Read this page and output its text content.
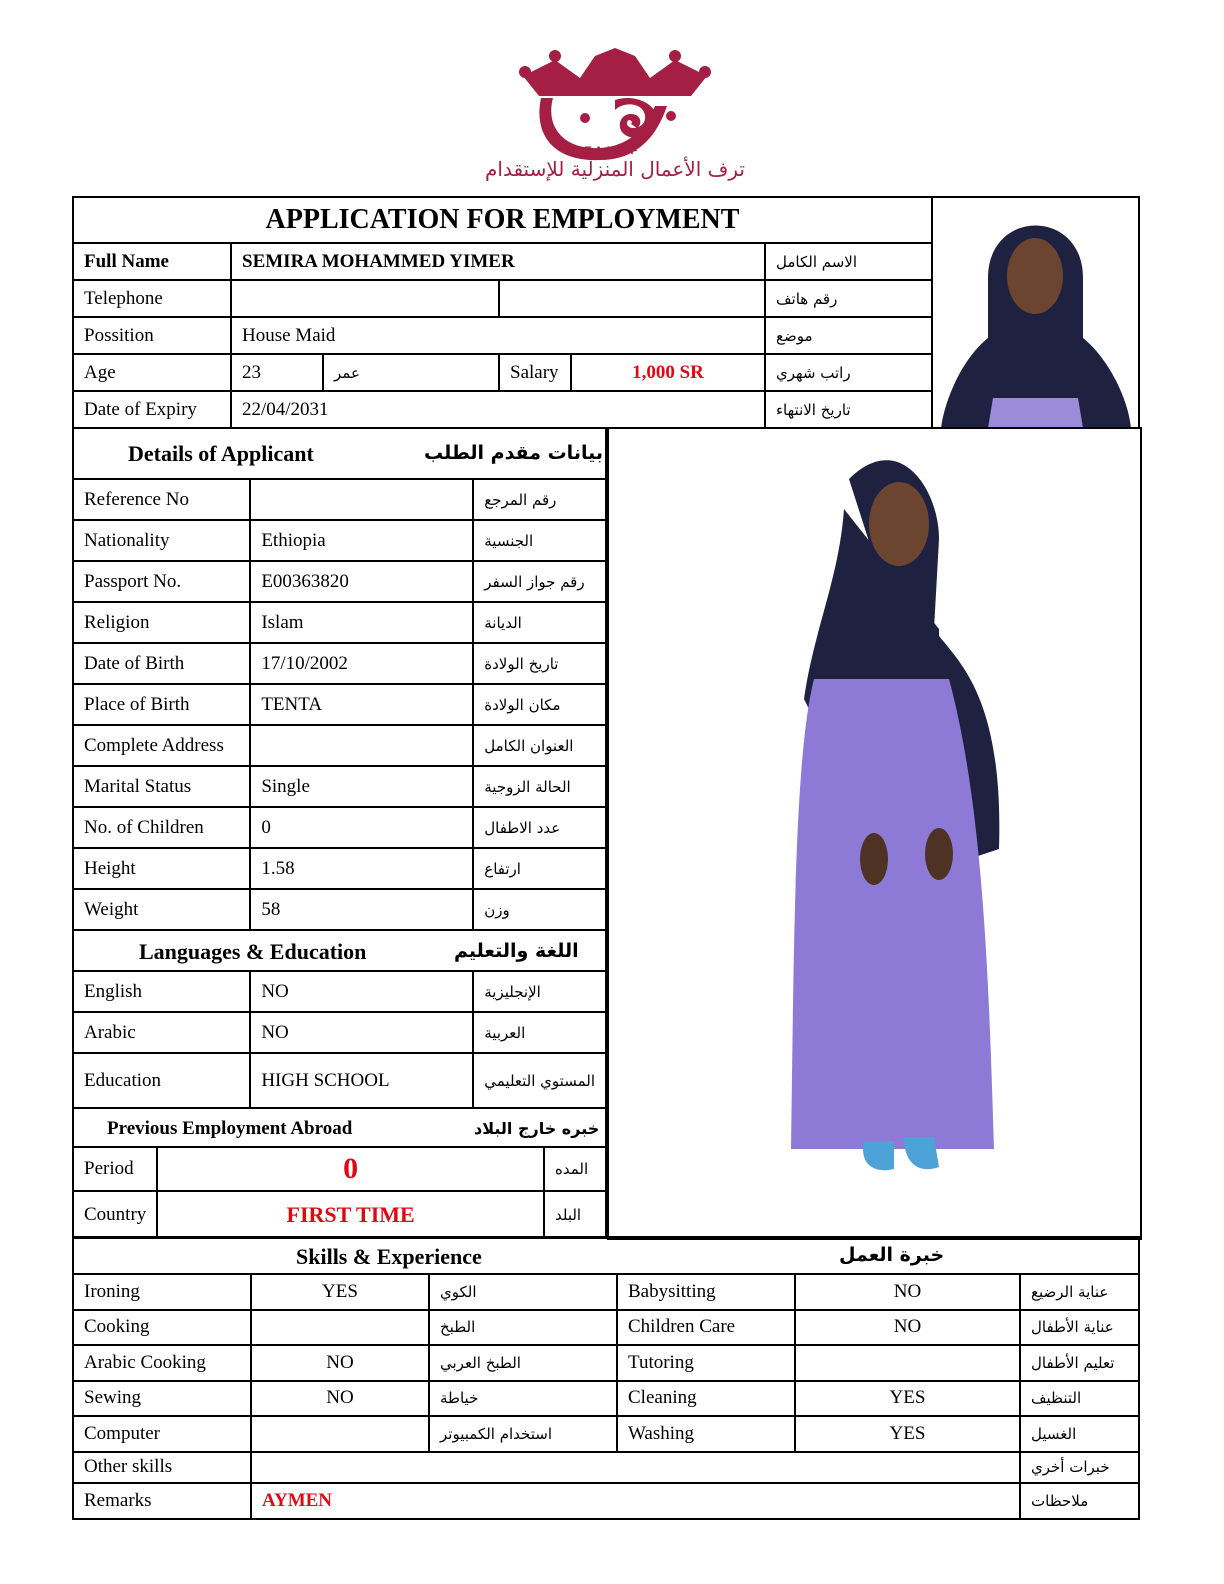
TARAF
ترف الأعمال المنزلية للإستقدام
APPLICATION FOR EMPLOYMENT					
Full Name	SEMIRA MOHAMMED YIMER				الاسم الكامل
Telephone					رقم هاتف
Possition	House Maid				موضع
Age	23	عمر	Salary	1,000 SR	راتب شهري
Date of Expiry	22/04/2031				تاريخ الانتهاء
Details of Applicant بيانات مقدم الطلب		

Reference No		رقم المرجع
Nationality	Ethiopia	الجنسية
Passport No.	E00363820	رقم جواز السفر
Religion	Islam	الديانة
Date of Birth	17/10/2002	تاريخ الولادة
Place of Birth	TENTA	مكان الولادة
Complete Address		العنوان الكامل
Marital Status	Single	الحالة الزوجية
No. of Children	0	عدد الاطفال
Height	1.58	ارتفاع
Weight	58	وزن

Languages & Education اللغة والتعليم		

English	NO	الإنجليزية
Arabic	NO	العربية
Education	HIGH SCHOOL	المستوي التعليمي
Previous Employment Abroad خبره خارج البلاد		

Period	0	المده
Country	FIRST TIME	البلد
Skills & Experience خبرة العمل					

Ironing	YES	الكوي	Babysitting	NO	عناية الرضيع
Cooking		الطبخ	Children Care	NO	عناية الأطفال
Arabic Cooking	NO	الطبخ العربي	Tutoring		تعليم الأطفال
Sewing	NO	خياطة	Cleaning	YES	التنظيف
Computer		استخدام الكمبيوتر	Washing	YES	الغسيل
Other skills					خبرات أخري
Remarks	AYMEN				ملاحظات
